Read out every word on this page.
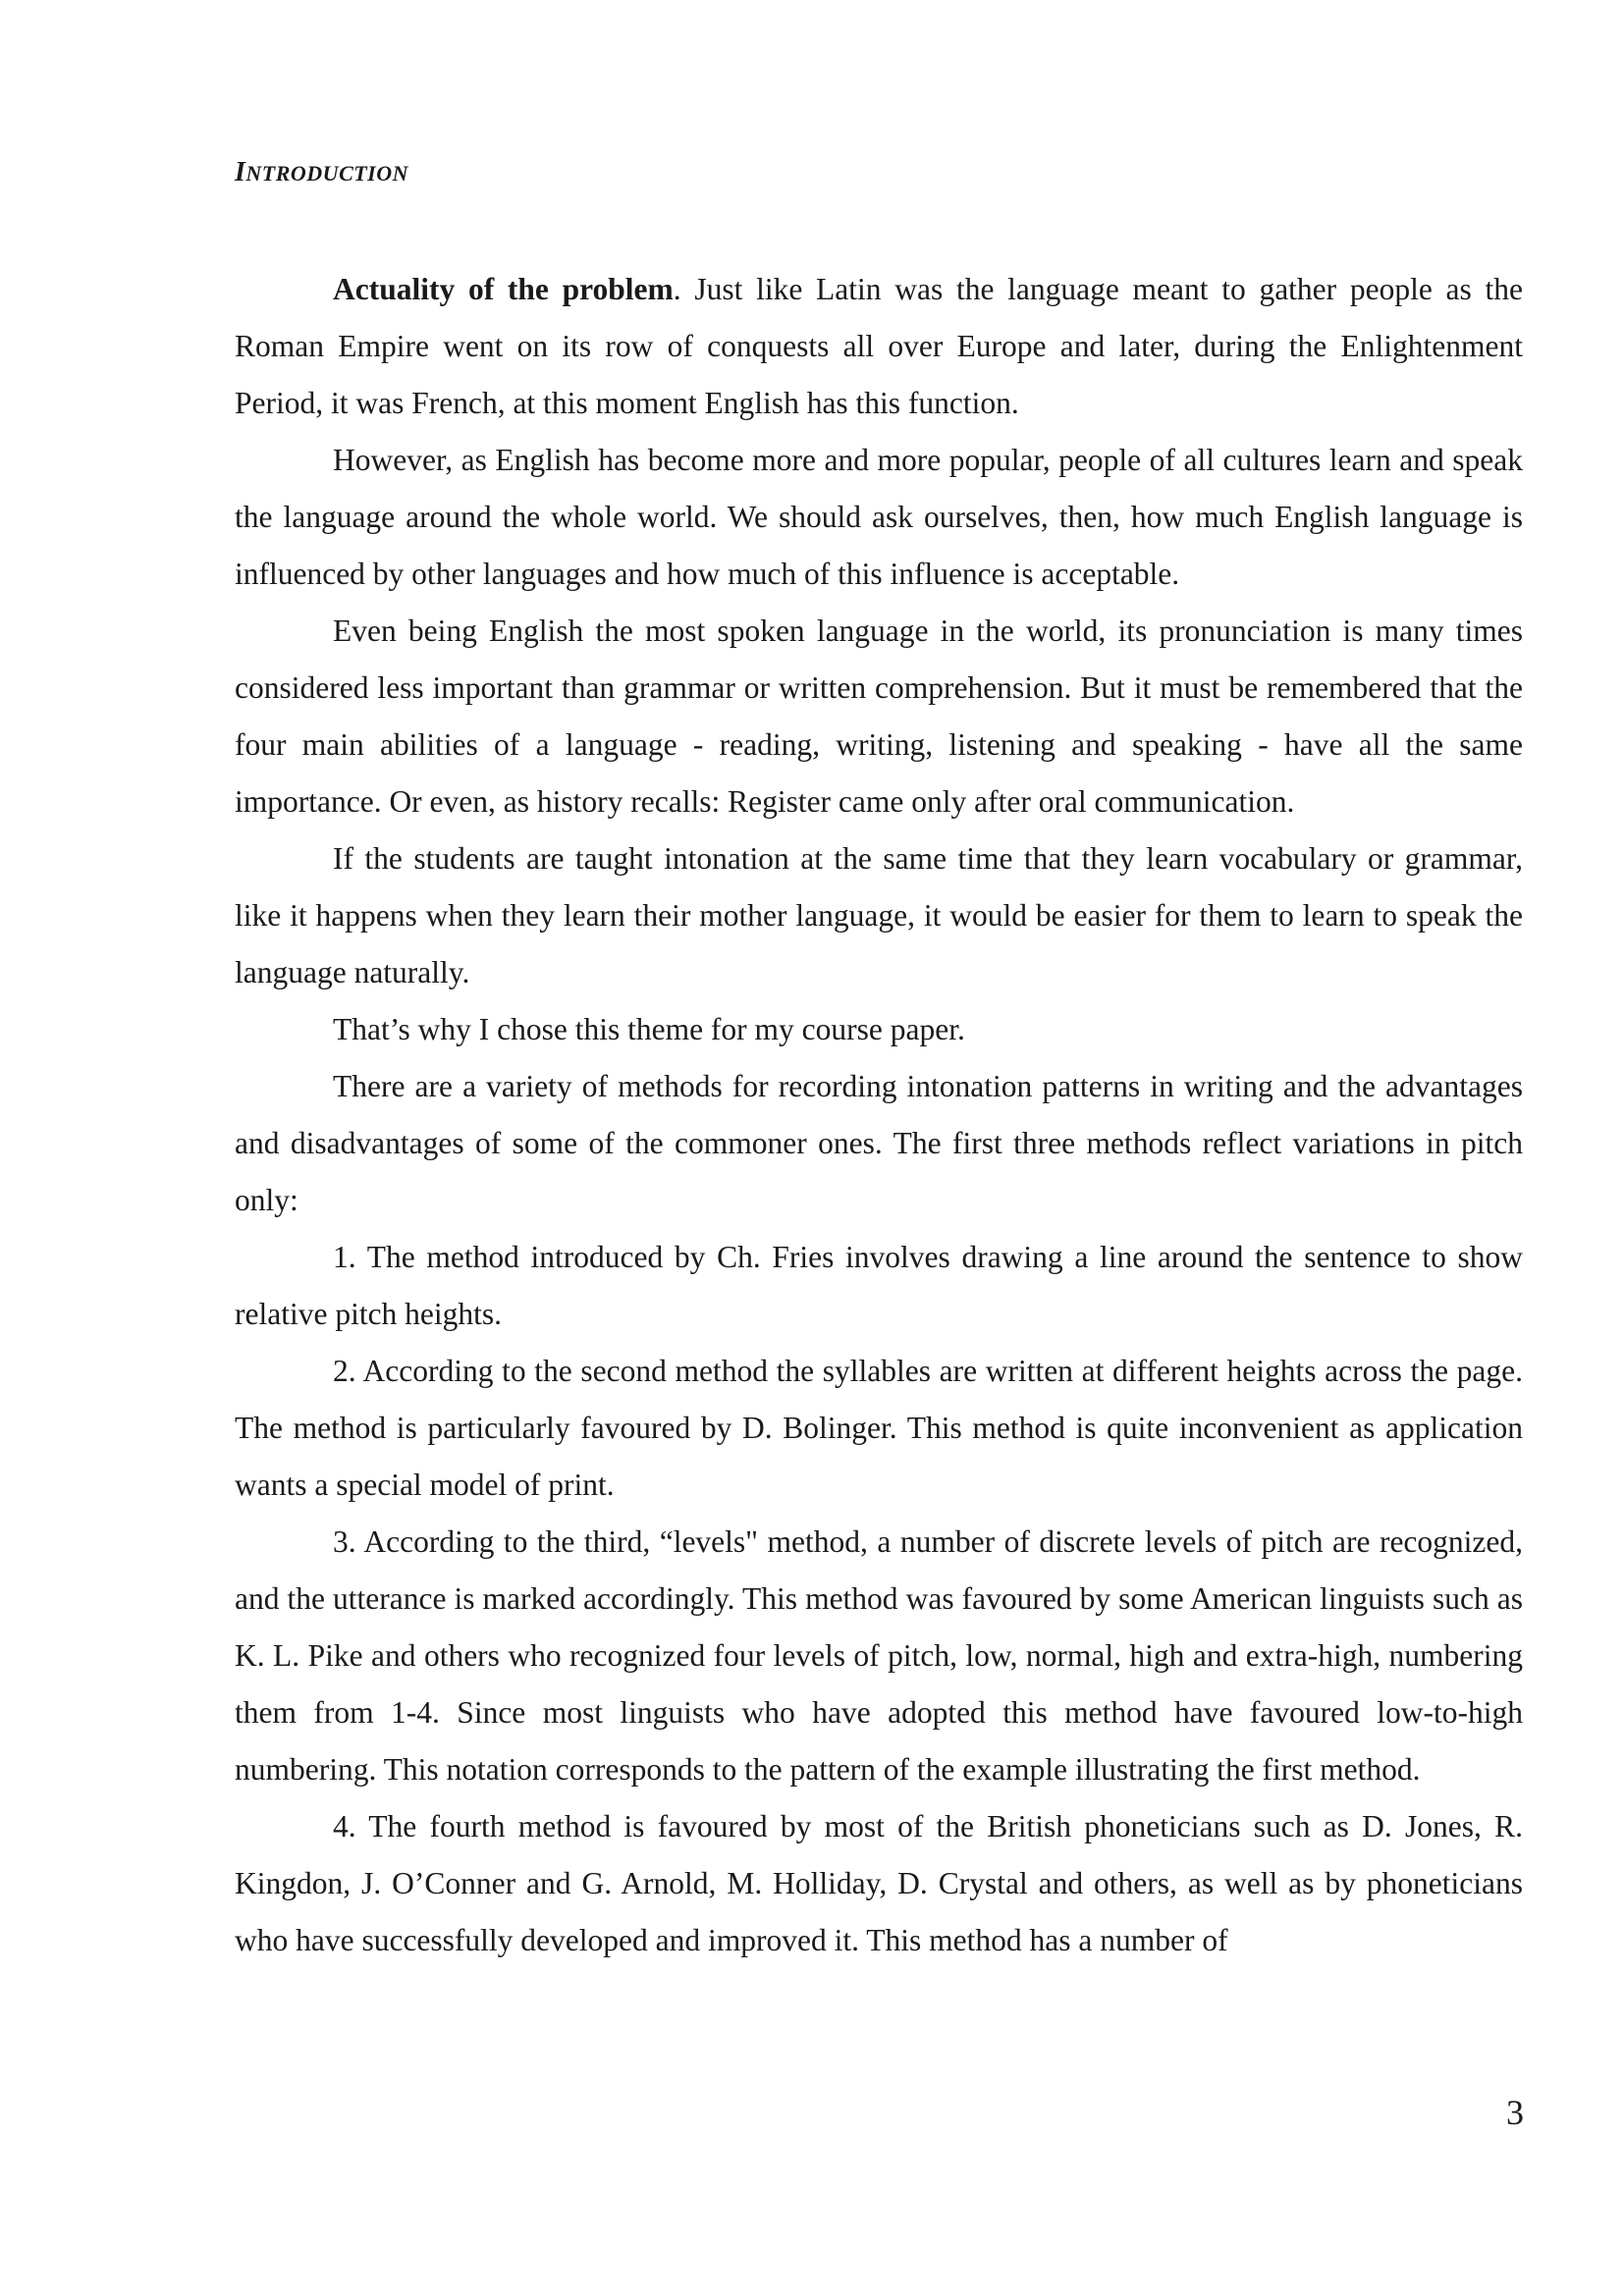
INTRODUCTION

Actuality of the problem. Just like Latin was the language meant to gather people as the Roman Empire went on its row of conquests all over Europe and later, during the Enlightenment Period, it was French, at this moment English has this function.

However, as English has become more and more popular, people of all cultures learn and speak the language around the whole world. We should ask ourselves, then, how much English language is influenced by other languages and how much of this influence is acceptable.

Even being English the most spoken language in the world, its pronunciation is many times considered less important than grammar or written comprehension. But it must be remembered that the four main abilities of a language - reading, writing, listening and speaking - have all the same importance. Or even, as history recalls: Register came only after oral communication.

If the students are taught intonation at the same time that they learn vocabulary or grammar, like it happens when they learn their mother language, it would be easier for them to learn to speak the language naturally.

That’s why I chose this theme for my course paper.

There are a variety of methods for recording intonation patterns in writing and the advantages and disadvantages of some of the commoner ones. The first three methods reflect variations in pitch only:

1. The method introduced by Ch. Fries involves drawing a line around the sentence to show relative pitch heights.

2. According to the second method the syllables are written at different heights across the page. The method is particularly favoured by D. Bolinger. This method is quite inconvenient as application wants a special model of print.

3. According to the third, “levels" method, a number of discrete levels of pitch are recognized, and the utterance is marked accordingly. This method was favoured by some American linguists such as K. L. Pike and others who recognized four levels of pitch, low, normal, high and extra-high, numbering them from 1-4. Since most linguists who have adopted this method have favoured low-to-high numbering. This notation corresponds to the pattern of the example illustrating the first method.

4. The fourth method is favoured by most of the British phoneticians such as D. Jones, R. Kingdon, J. O’Conner and G. Arnold, M. Holliday, D. Crystal and others, as well as by phoneticians who have successfully developed and improved it. This method has a number of

3
